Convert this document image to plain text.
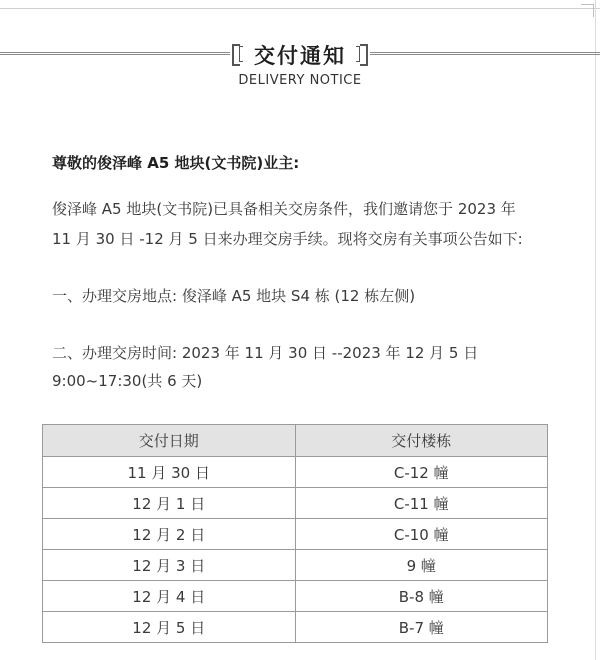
交付通知
DELIVERY NOTICE
尊敬的俊泽峰 A5 地块(文书院)业主:
俊泽峰 A5 地块(文书院)已具备相关交房条件，我们邀请您于 2023 年
11 月 30 日 -12 月 5 日来办理交房手续。现将交房有关事项公告如下:
一、办理交房地点: 俊泽峰 A5 地块 S4 栋 (12 栋左侧)
二、办理交房时间: 2023 年 11 月 30 日 --2023 年 12 月 5 日
9:00~17:30(共 6 天)
交付日期	交付楼栋
11 月 30 日	C-12 幢
12 月 1 日	C-11 幢
12 月 2 日	C-10 幢
12 月 3 日	9 幢
12 月 4 日	B-8 幢
12 月 5 日	B-7 幢
